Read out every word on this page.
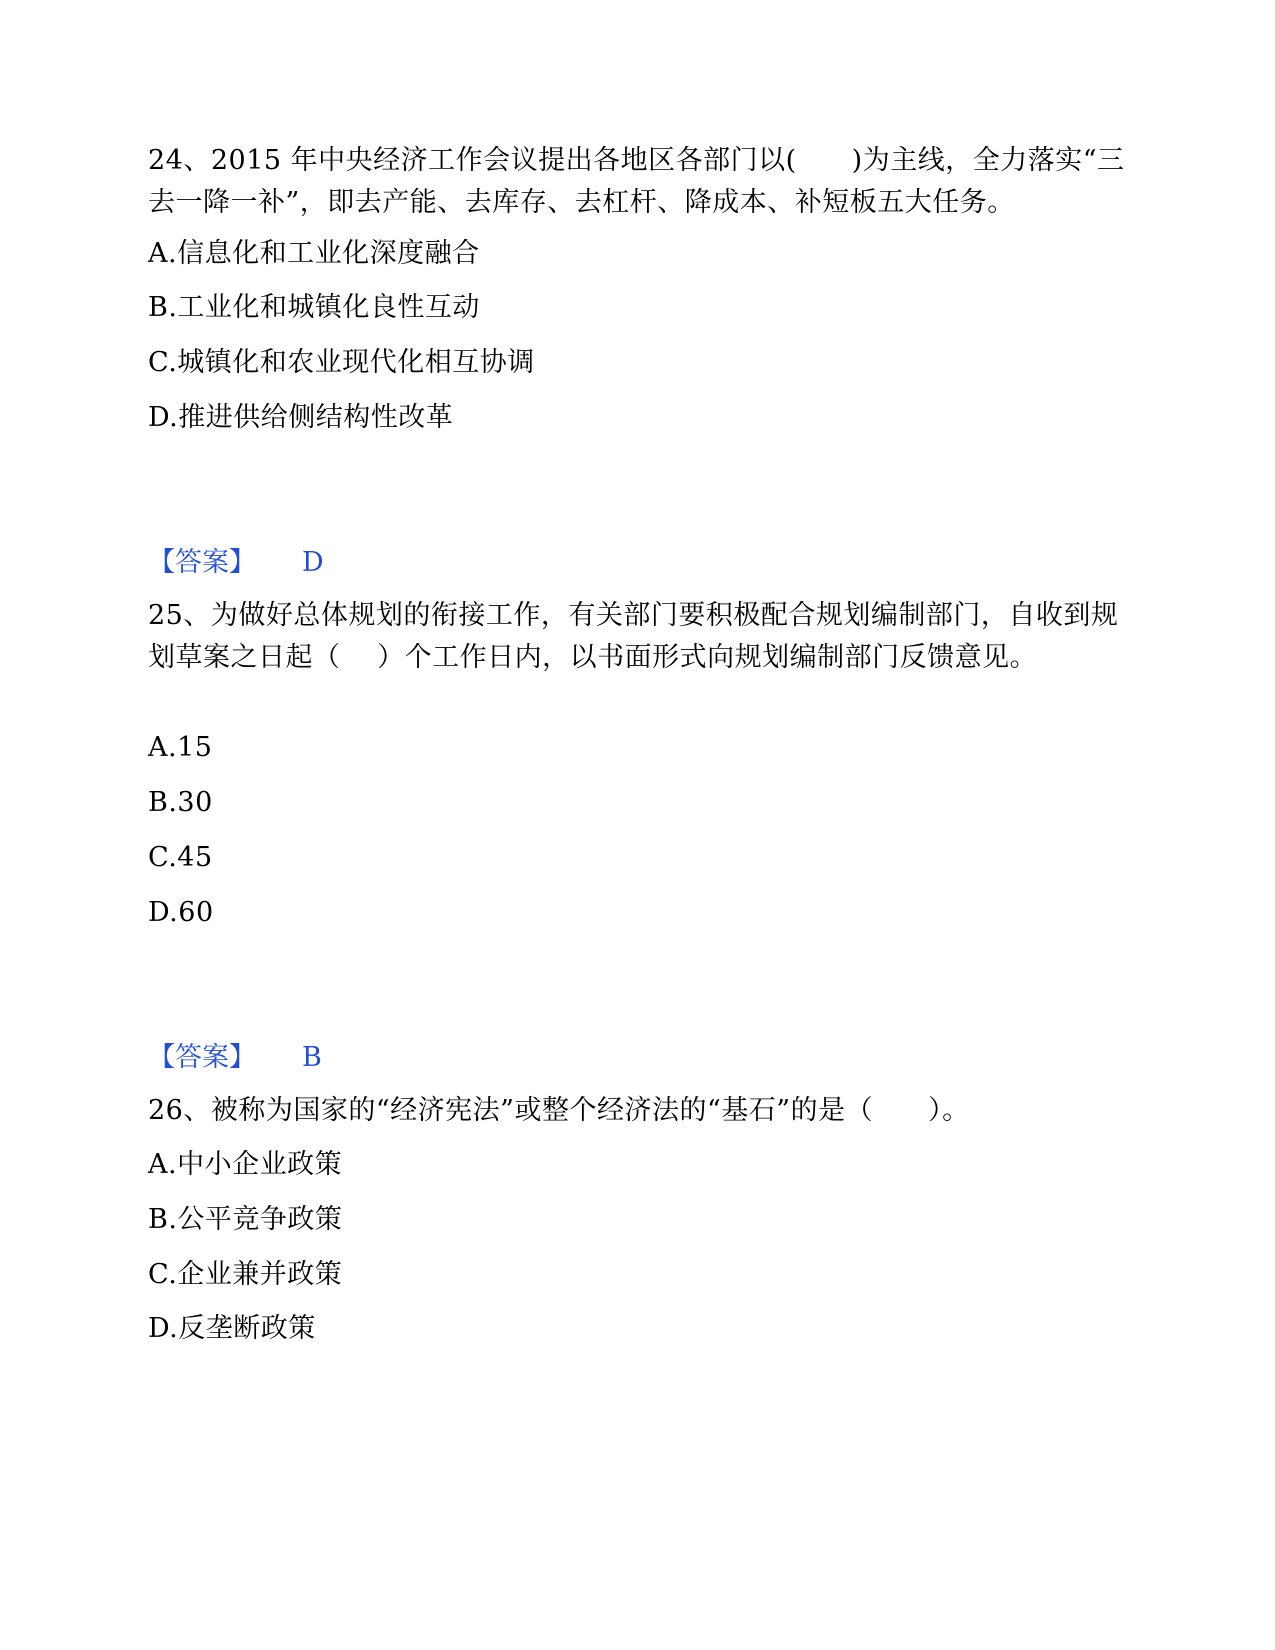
24、2015 年中央经济工作会议提出各地区各部门以(　　)为主线，全力落实“三去一降一补”，即去产能、去库存、去杠杆、降成本、补短板五大任务。

A.信息化和工业化深度融合

B.工业化和城镇化良性互动

C.城镇化和农业现代化相互协调

D.推进供给侧结构性改革

【答案】 D

25、为做好总体规划的衔接工作，有关部门要积极配合规划编制部门，自收到规划草案之日起（　 ）个工作日内，以书面形式向规划编制部门反馈意见。

A.15

B.30

C.45

D.60

【答案】 B

26、被称为国家的“经济宪法”或整个经济法的“基石”的是（　　）。

A.中小企业政策

B.公平竞争政策

C.企业兼并政策

D.反垄断政策
